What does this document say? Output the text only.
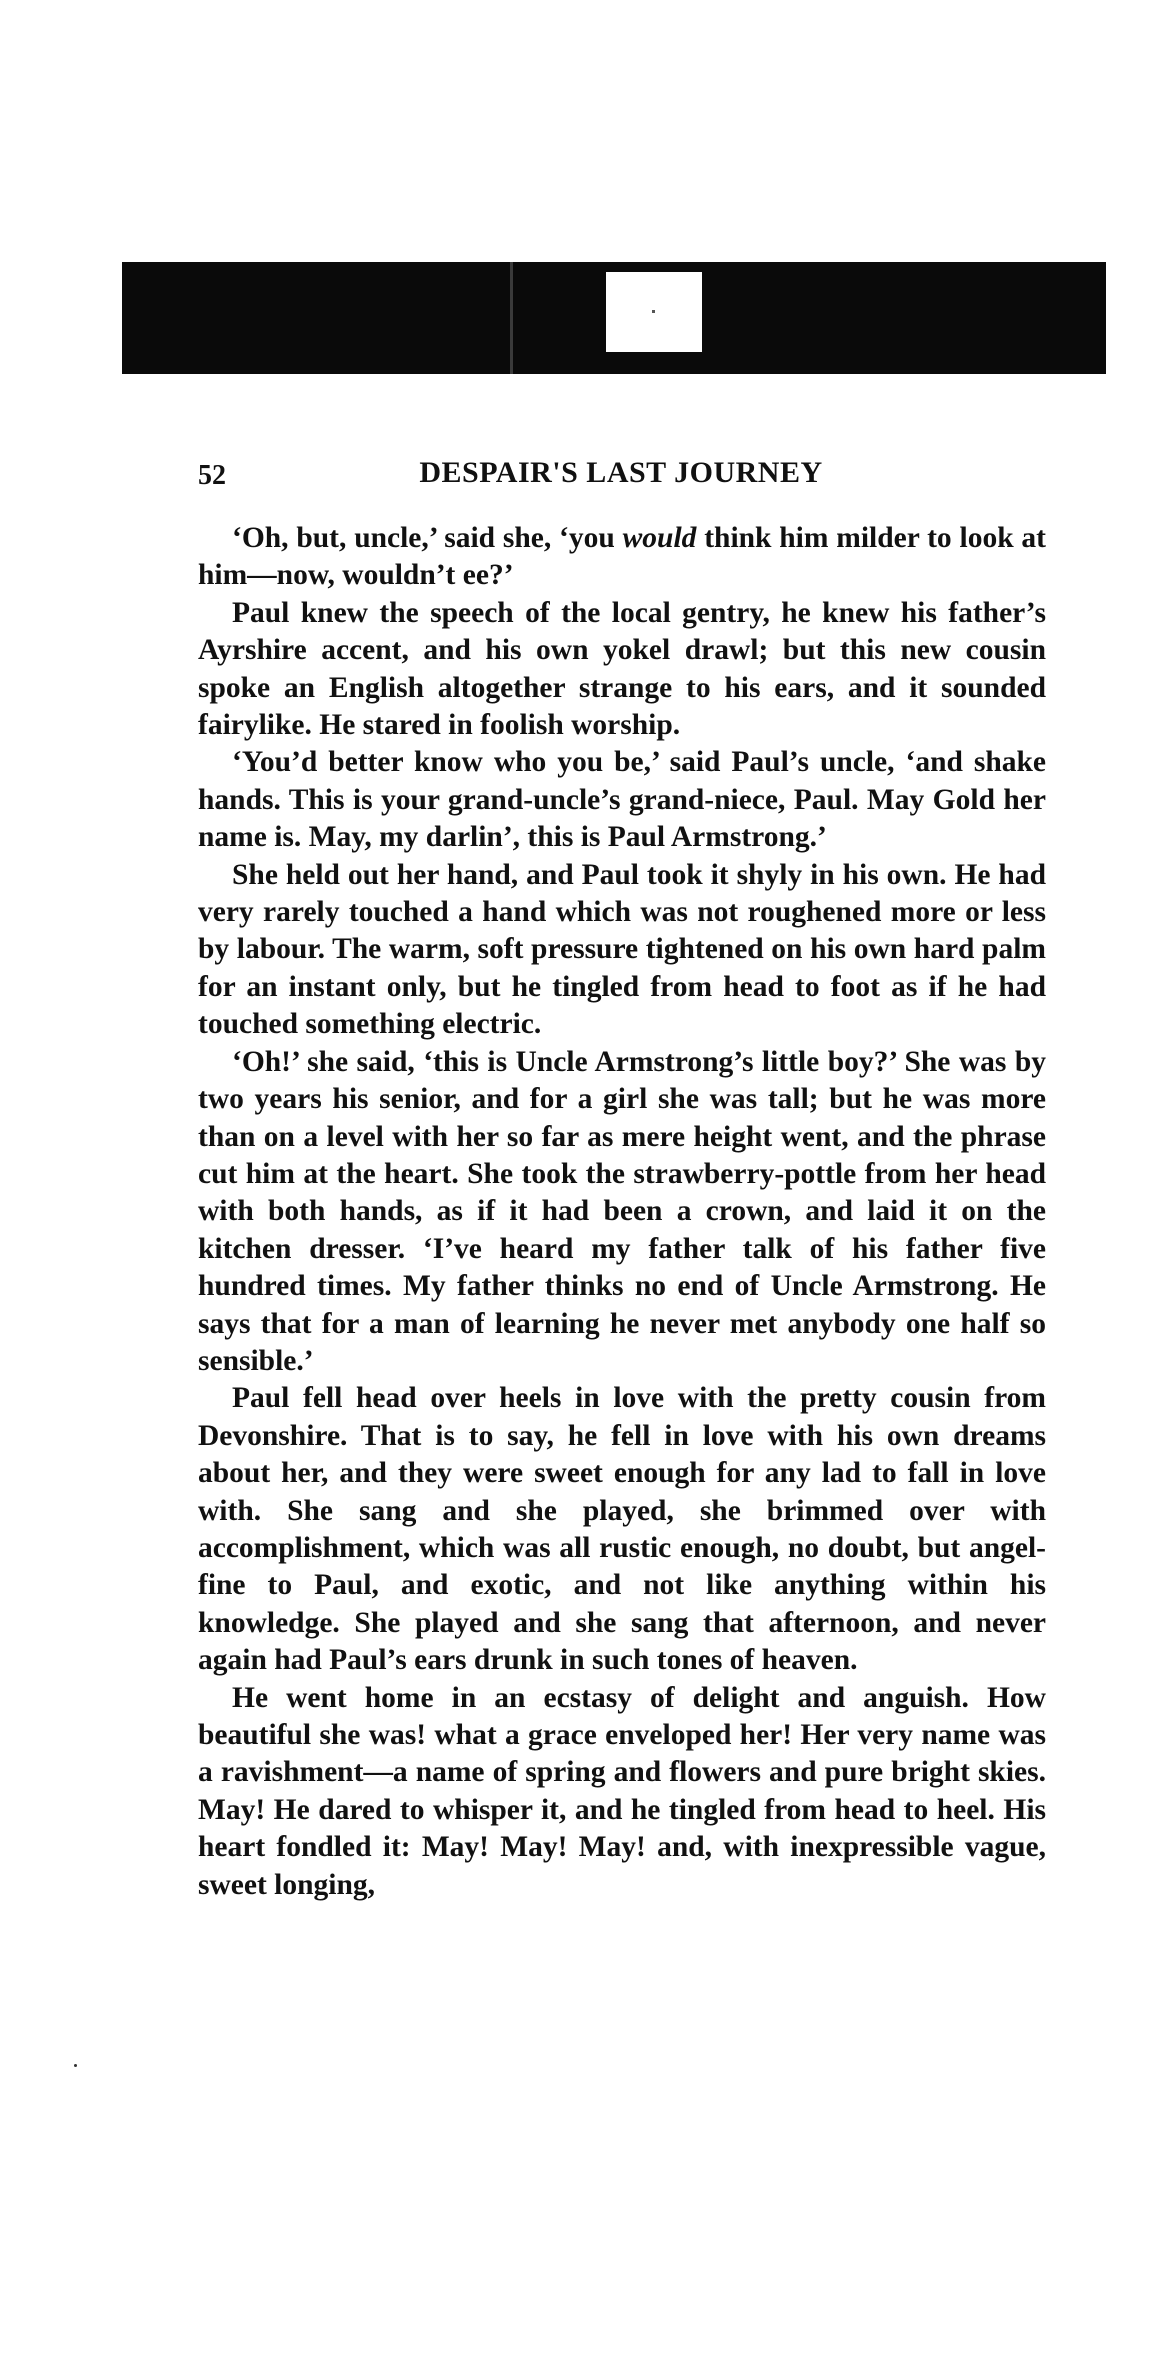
52	DESPAIR'S LAST JOURNEY

‘Oh, but, uncle,’ said she, ‘you would think him milder to look at him—now, wouldn’t ee?’

Paul knew the speech of the local gentry, he knew his father’s Ayrshire accent, and his own yokel drawl; but this new cousin spoke an English altogether strange to his ears, and it sounded fairylike. He stared in foolish worship.

‘You’d better know who you be,’ said Paul’s uncle, ‘and shake hands. This is your grand-uncle’s grand-niece, Paul. May Gold her name is. May, my darlin’, this is Paul Armstrong.’

She held out her hand, and Paul took it shyly in his own. He had very rarely touched a hand which was not roughened more or less by labour. The warm, soft pressure tightened on his own hard palm for an instant only, but he tingled from head to foot as if he had touched something electric.

‘Oh!’ she said, ‘this is Uncle Armstrong’s little boy?’ She was by two years his senior, and for a girl she was tall; but he was more than on a level with her so far as mere height went, and the phrase cut him at the heart. She took the strawberry-pottle from her head with both hands, as if it had been a crown, and laid it on the kitchen dresser. ‘I’ve heard my father talk of his father five hundred times. My father thinks no end of Uncle Armstrong. He says that for a man of learning he never met anybody one half so sensible.’

Paul fell head over heels in love with the pretty cousin from Devonshire. That is to say, he fell in love with his own dreams about her, and they were sweet enough for any lad to fall in love with. She sang and she played, she brimmed over with accomplishment, which was all rustic enough, no doubt, but angel-fine to Paul, and exotic, and not like anything within his knowledge. She played and she sang that afternoon, and never again had Paul’s ears drunk in such tones of heaven.

He went home in an ecstasy of delight and anguish. How beautiful she was! what a grace enveloped her! Her very name was a ravishment—a name of spring and flowers and pure bright skies. May! He dared to whisper it, and he tingled from head to heel. His heart fondled it: May! May! May! and, with inexpressible vague, sweet longing,
